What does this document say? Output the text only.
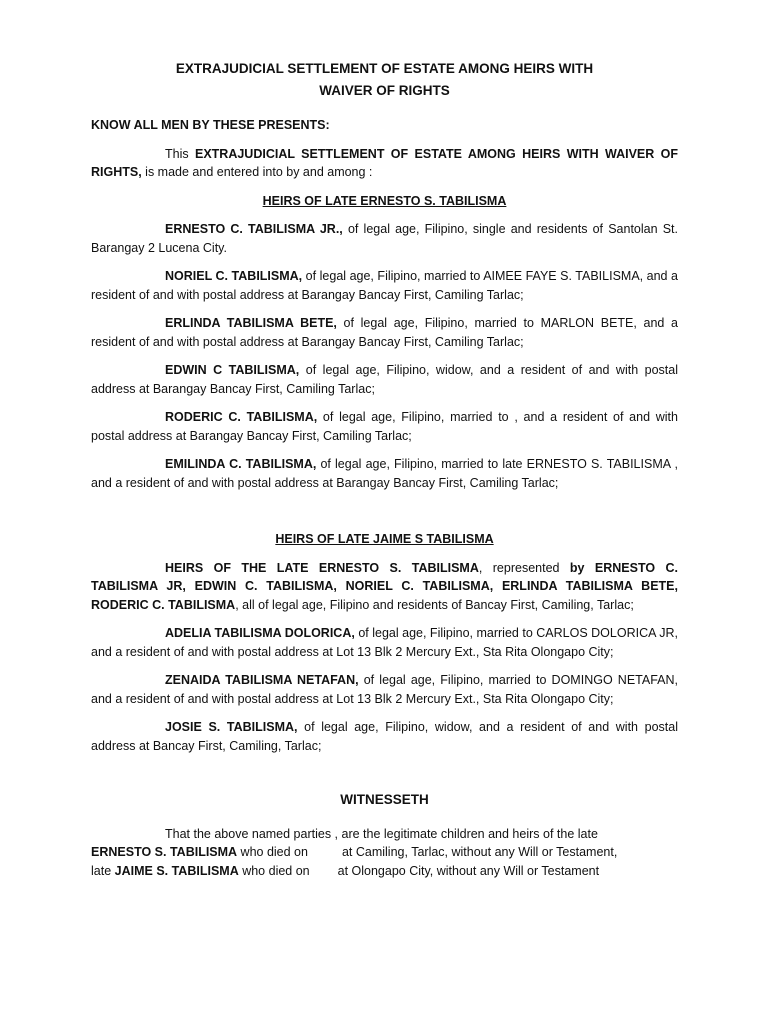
EXTRAJUDICIAL SETTLEMENT OF ESTATE AMONG HEIRS WITH
WAIVER OF RIGHTS

KNOW ALL MEN BY THESE PRESENTS:

This EXTRAJUDICIAL SETTLEMENT OF ESTATE AMONG HEIRS WITH WAIVER OF RIGHTS, is made and entered into by and among :

HEIRS OF LATE ERNESTO S. TABILISMA

ERNESTO C. TABILISMA JR., of legal age, Filipino, single and residents of Santolan St. Barangay 2 Lucena City.

NORIEL C. TABILISMA, of legal age, Filipino, married to AIMEE FAYE S. TABILISMA, and a resident of and with postal address at Barangay Bancay First, Camiling Tarlac;

ERLINDA TABILISMA BETE, of legal age, Filipino, married to MARLON BETE, and a resident of and with postal address at Barangay Bancay First, Camiling Tarlac;

EDWIN C TABILISMA, of legal age, Filipino, widow, and a resident of and with postal address at Barangay Bancay First, Camiling Tarlac;

RODERIC C. TABILISMA, of legal age, Filipino, married to , and a resident of and with postal address at Barangay Bancay First, Camiling Tarlac;

EMILINDA C. TABILISMA, of legal age, Filipino, married to late ERNESTO S. TABILISMA , and a resident of and with postal address at Barangay Bancay First, Camiling Tarlac;

HEIRS OF LATE JAIME S TABILISMA

HEIRS OF THE LATE ERNESTO S. TABILISMA, represented by ERNESTO C. TABILISMA JR, EDWIN C. TABILISMA, NORIEL C. TABILISMA, ERLINDA TABILISMA BETE, RODERIC C. TABILISMA, all of legal age, Filipino and residents of Bancay First, Camiling, Tarlac;

ADELIA TABILISMA DOLORICA, of legal age, Filipino, married to CARLOS DOLORICA JR, and a resident of and with postal address at Lot 13 Blk 2 Mercury Ext., Sta Rita Olongapo City;

ZENAIDA TABILISMA NETAFAN, of legal age, Filipino, married to DOMINGO NETAFAN, and a resident of and with postal address at Lot 13 Blk 2 Mercury Ext., Sta Rita Olongapo City;

JOSIE S. TABILISMA, of legal age, Filipino, widow, and a resident of and with postal address at Bancay First, Camiling, Tarlac;

WITNESSETH
That the above named parties , are the legitimate children and heirs of the late
ERNESTO S. TABILISMA who died on	at Camiling, Tarlac, without any Will or Testament,
late JAIME S. TABILISMA who died on at Olongapo City, without any Will or Testament
